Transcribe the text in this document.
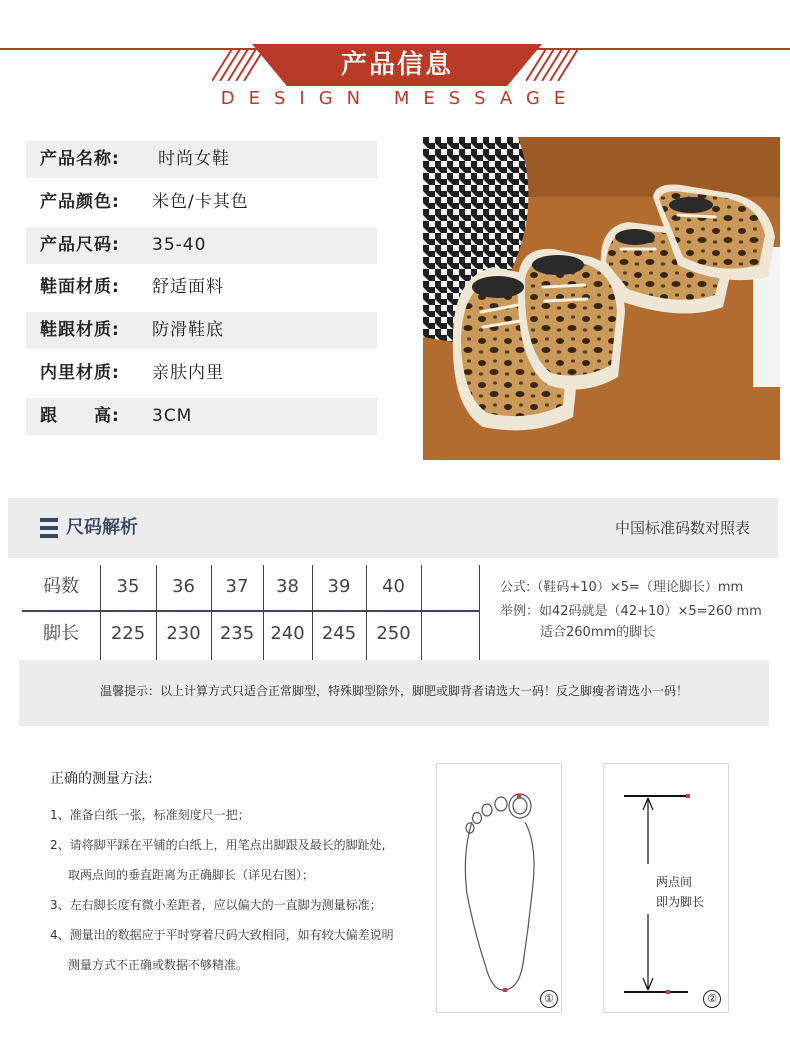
产品信息
DESIGN MESSAGE
产品名称: 时尚女鞋
产品颜色: 米色/卡其色
产品尺码: 35-40
鞋面材质: 舒适面料
鞋跟材质: 防滑鞋底
内里材质: 亲肤内里
跟　　高: 3CM
尺码解析	中国标准码数对照表
码数	35	36	37	38	39	40
脚长	225	230	235 240 245	250
公式:（鞋码+10）×5=（理论脚长）mm
举例：如42码就是（42+10）×5=260 mm
适合260mm的脚长
温馨提示：以上计算方式只适合正常脚型，特殊脚型除外，脚肥或脚背者请选大一码！反之脚瘦者请选小一码！
正确的测量方法:
1、准备白纸一张，标准刻度尺一把；
2、请将脚平踩在平铺的白纸上，用笔点出脚跟及最长的脚趾处,
取两点间的垂直距离为正确脚长（详见右图）；
3、左右脚长度有微小差距者，应以偏大的一直脚为测量标准；
4、测量出的数据应于平时穿着尺码大致相同，如有较大偏差说明
测量方式不正确或数据不够精准。
①
两点间
即为脚长
②
